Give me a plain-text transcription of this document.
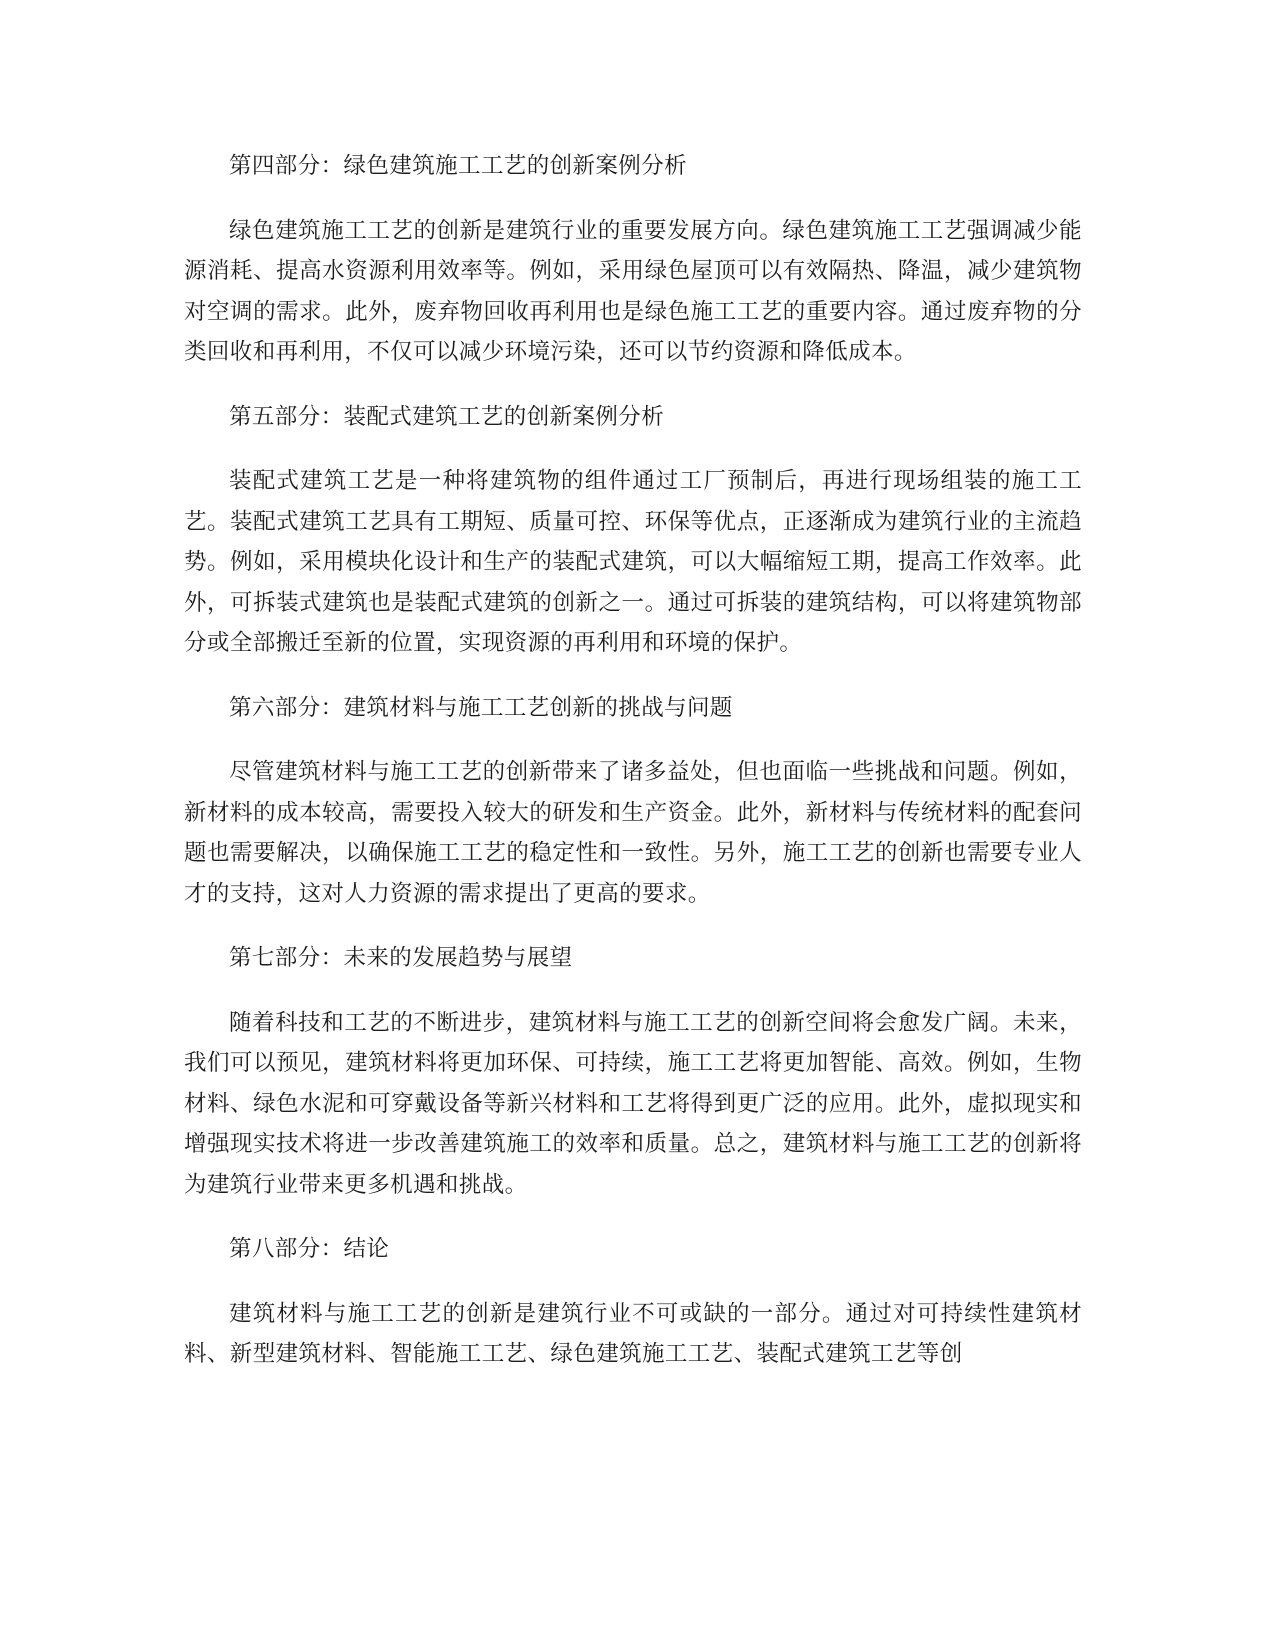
第四部分：绿色建筑施工工艺的创新案例分析

绿色建筑施工工艺的创新是建筑行业的重要发展方向。绿色建筑施工工艺强调减少能源消耗、提高水资源利用效率等。例如，采用绿色屋顶可以有效隔热、降温，减少建筑物对空调的需求。此外，废弃物回收再利用也是绿色施工工艺的重要内容。通过废弃物的分类回收和再利用，不仅可以减少环境污染，还可以节约资源和降低成本。

第五部分：装配式建筑工艺的创新案例分析

装配式建筑工艺是一种将建筑物的组件通过工厂预制后，再进行现场组装的施工工艺。装配式建筑工艺具有工期短、质量可控、环保等优点，正逐渐成为建筑行业的主流趋势。例如，采用模块化设计和生产的装配式建筑，可以大幅缩短工期，提高工作效率。此外，可拆装式建筑也是装配式建筑的创新之一。通过可拆装的建筑结构，可以将建筑物部分或全部搬迁至新的位置，实现资源的再利用和环境的保护。

第六部分：建筑材料与施工工艺创新的挑战与问题

尽管建筑材料与施工工艺的创新带来了诸多益处，但也面临一些挑战和问题。例如，新材料的成本较高，需要投入较大的研发和生产资金。此外，新材料与传统材料的配套问题也需要解决，以确保施工工艺的稳定性和一致性。另外，施工工艺的创新也需要专业人才的支持，这对人力资源的需求提出了更高的要求。

第七部分：未来的发展趋势与展望

随着科技和工艺的不断进步，建筑材料与施工工艺的创新空间将会愈发广阔。未来，我们可以预见，建筑材料将更加环保、可持续，施工工艺将更加智能、高效。例如，生物材料、绿色水泥和可穿戴设备等新兴材料和工艺将得到更广泛的应用。此外，虚拟现实和增强现实技术将进一步改善建筑施工的效率和质量。总之，建筑材料与施工工艺的创新将为建筑行业带来更多机遇和挑战。

第八部分：结论

建筑材料与施工工艺的创新是建筑行业不可或缺的一部分。通过对可持续性建筑材料、新型建筑材料、智能施工工艺、绿色建筑施工工艺、装配式建筑工艺等创
